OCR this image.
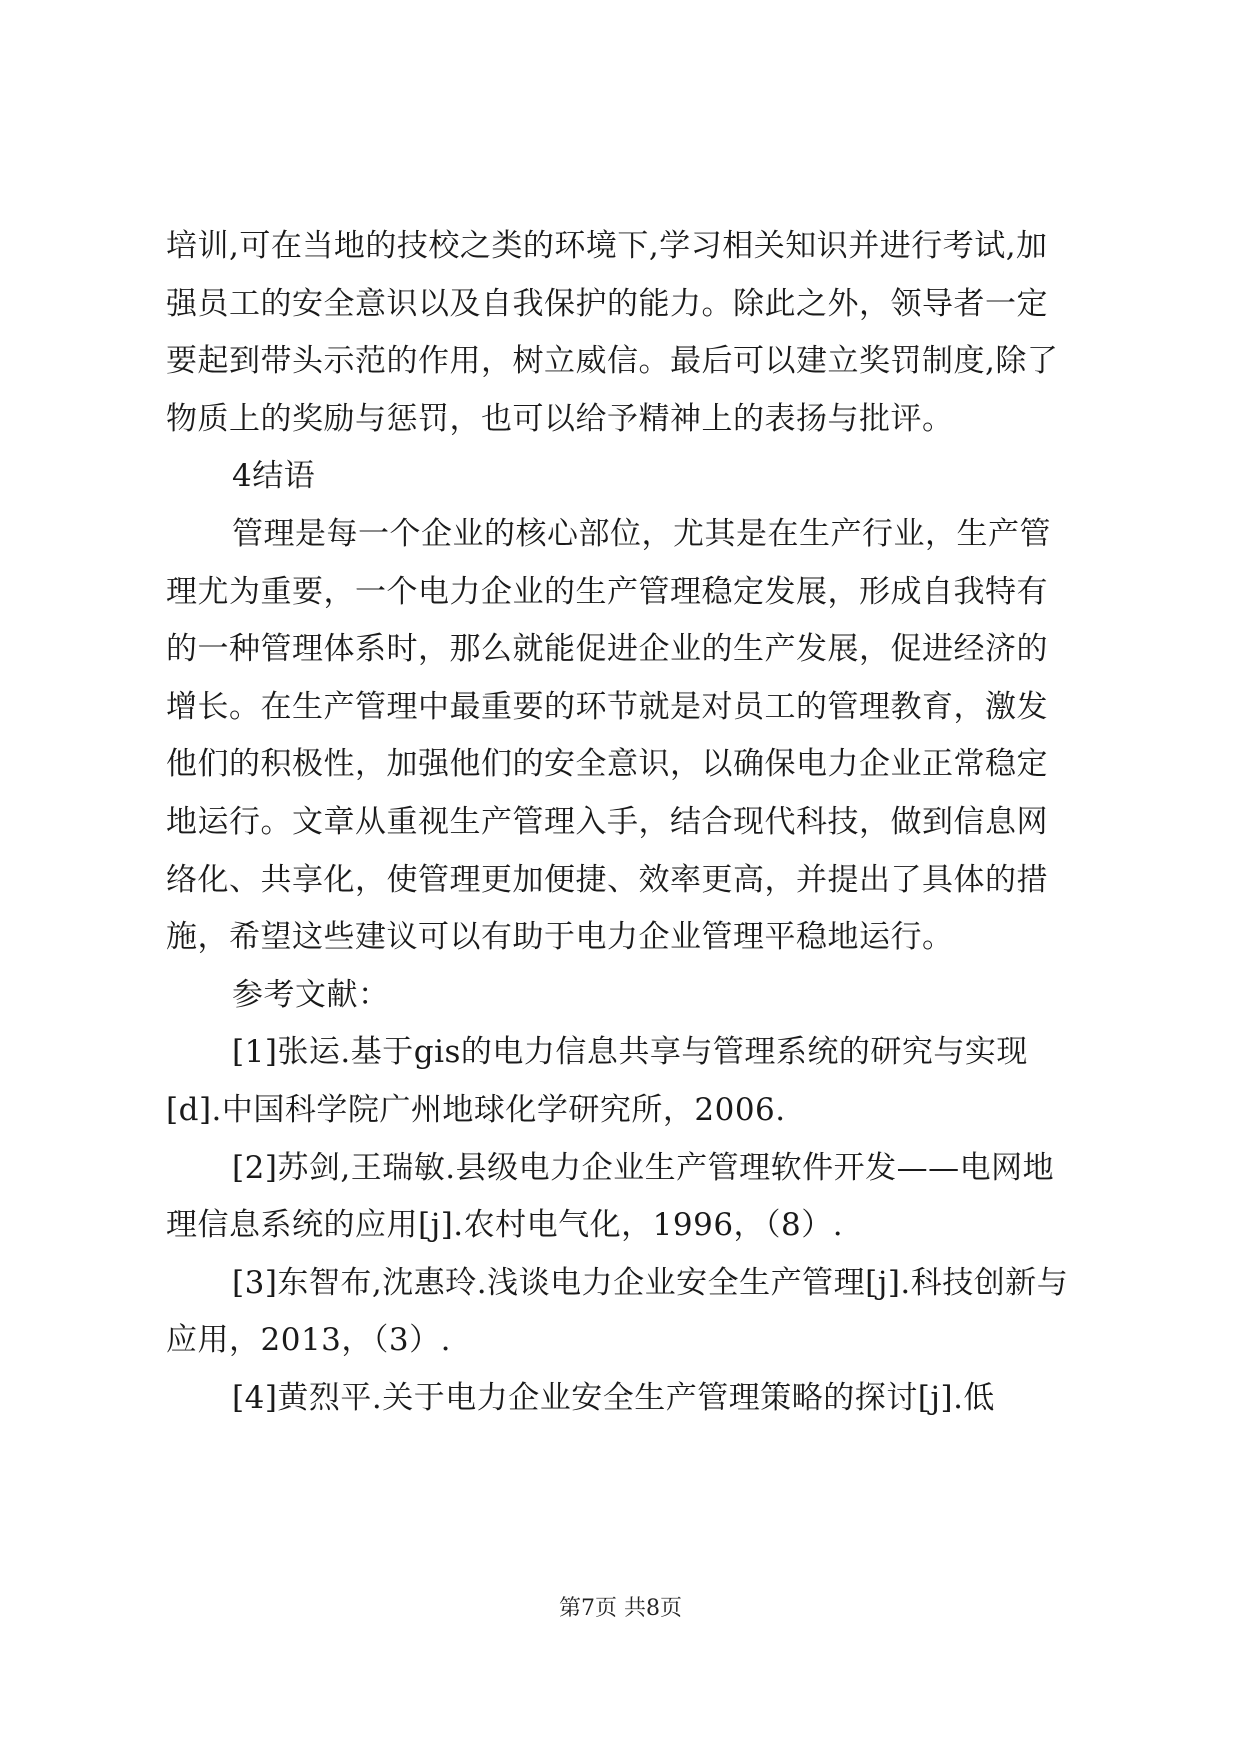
培训,可在当地的技校之类的环境下,学习相关知识并进行考试,加强员工的安全意识以及自我保护的能力。除此之外，领导者一定要起到带头示范的作用，树立威信。最后可以建立奖罚制度,除了物质上的奖励与惩罚，也可以给予精神上的表扬与批评。

4结语

管理是每一个企业的核心部位，尤其是在生产行业，生产管理尤为重要，一个电力企业的生产管理稳定发展，形成自我特有的一种管理体系时，那么就能促进企业的生产发展，促进经济的增长。在生产管理中最重要的环节就是对员工的管理教育，激发他们的积极性，加强他们的安全意识，以确保电力企业正常稳定地运行。文章从重视生产管理入手，结合现代科技，做到信息网络化、共享化，使管理更加便捷、效率更高，并提出了具体的措施，希望这些建议可以有助于电力企业管理平稳地运行。

参考文献：

[1]张运.基于gis的电力信息共享与管理系统的研究与实现[d].中国科学院广州地球化学研究所，2006.

[2]苏剑,王瑞敏.县级电力企业生产管理软件开发——电网地理信息系统的应用[j].农村电气化，1996，（8）.

[3]东智布,沈惠玲.浅谈电力企业安全生产管理[j].科技创新与应用，2013，（3）.

[4]黄烈平.关于电力企业安全生产管理策略的探讨[j].低

第7页 共8页
